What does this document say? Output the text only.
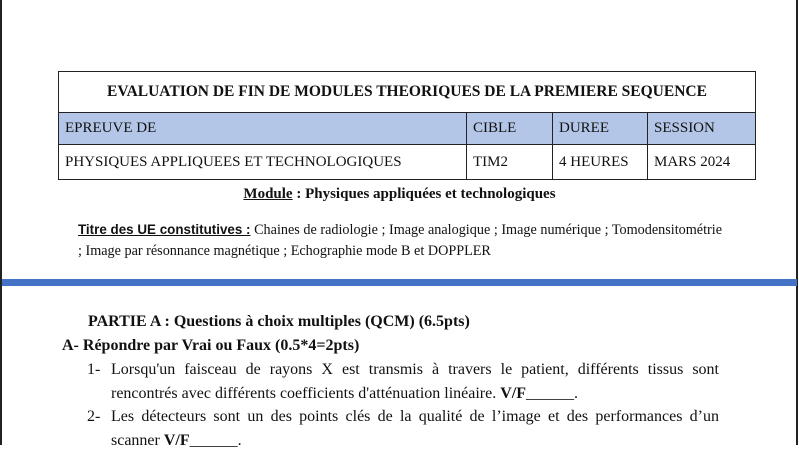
EVALUATION DE FIN DE MODULES THEORIQUES DE LA PREMIERE SEQUENCE			
EPREUVE DE	CIBLE	DUREE	SESSION
PHYSIQUES APPLIQUEES ET TECHNOLOGIQUES	TIM2	4 HEURES	MARS 2024
Module : Physiques appliquées et technologiques
Titre des UE constitutives : Chaines de radiologie ; Image analogique ; Image numérique ; Tomodensitométrie ; Image par résonnance magnétique ; Echographie mode B et DOPPLER
PARTIE A : Questions à choix multiples (QCM) (6.5pts)
A- Répondre par Vrai ou Faux (0.5*4=2pts)
1- Lorsqu'un faisceau de rayons X est transmis à travers le patient, différents tissus sont rencontrés avec différents coefficients d'atténuation linéaire. V/F______.
2- Les détecteurs sont un des points clés de la qualité de l’image et des performances d’un scanner V/F______.
